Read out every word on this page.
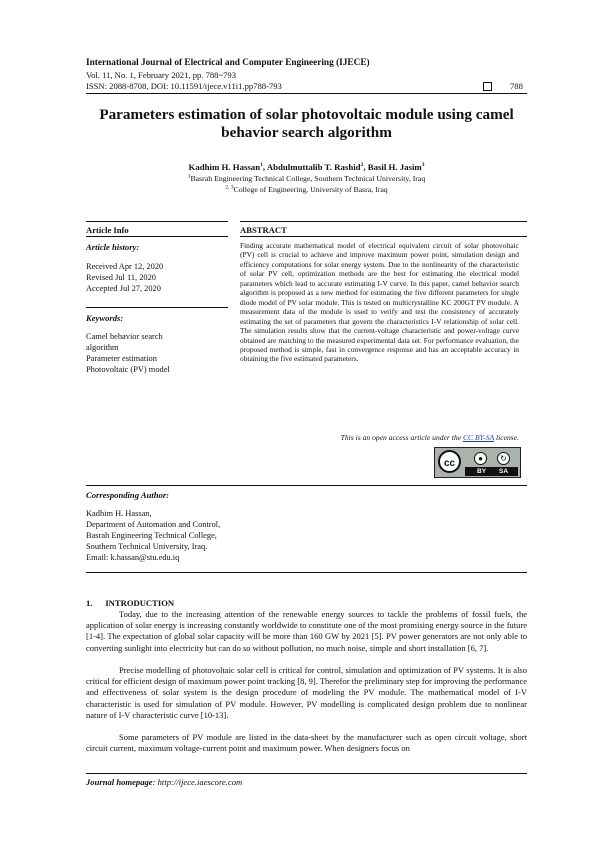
International Journal of Electrical and Computer Engineering (IJECE)
Vol. 11, No. 1, February 2021, pp. 788~793
ISSN: 2088-8708, DOI: 10.11591/ijece.v11i1.pp788-793	788
Parameters estimation of solar photovoltaic module using camel behavior search algorithm
Kadhim H. Hassan$^1$, Abdulmuttalib T. Rashid$^2$, Basil H. Jasim$^3$
$^1$Basrah Engineering Technical College, Southern Technical University, Iraq
$^{2, 3}$College of Engineering, University of Basra, Iraq
Article Info	ABSTRACT
Article history:
Received Apr 12, 2020
Revised Jul 11, 2020
Accepted Jul 27, 2020
Keywords:
Camel behavior search algorithm
Parameter estimation
Photovoltaic (PV) model
Finding accurate mathematical model of electrical equivalent circuit of solar photovoltaic (PV) cell is crucial to achieve and improve maximum power point, simulation design and efficiency computations for solar energy system. Due to the nonlinearity of the characteristic of solar PV cell, optimization methods are the best for estimating the electrical model parameters which lead to accurate estimating I-V curve. In this paper, camel behavior search algorithm is proposed as a new method for estimating the five different parameters for single diode model of PV solar module. This is tested on multicrystalline KC 200GT PV module. A measurement data of the module is used to verify and test the consistency of accurately estimating the set of parameters that govern the characteristics I-V relationship of solar cell. The simulation results show that the current-voltage characteristic and power-voltage curve obtained are matching to the measured experimental data set. For performance evaluation, the proposed method is simple, fast in convergence response and has an acceptable accuracy in obtaining the five estimated parameters.
This is an open access article under the CC BY-SA license.
cc	●	↻
BY SA
Corresponding Author:
Kadhim H. Hassan,
Department of Automation and Control,
Basrah Engineering Technical College,
Southern Technical University, Iraq.
Email: k.hassan@stu.edu.iq
1.      INTRODUCTION
Today, due to the increasing attention of the renewable energy sources to tackle the problems of fossil fuels, the application of solar energy is increasing constantly worldwide to constitute one of the most promising energy source in the future [1-4]. The expectation of global solar capacity will be more than 160 GW by 2021 [5]. PV power generators are not only able to converting sunlight into electricity but can do so without pollution, no much noise, simple and short installation [6, 7].
Precise modelling of photovoltaic solar cell is critical for control, simulation and optimization of PV systems. It is also critical for efficient design of maximum power point tracking [8, 9]. Therefor the preliminary step for improving the performance and effectiveness of solar system is the design procedure of modeling the PV module. The mathematical model of I-V characteristic is used for simulation of PV module. However, PV modelling is complicated design problem due to nonlinear nature of I-V characteristic curve [10-13].
Some parameters of PV module are listed in the data-sheet by the manufacturer such as open circuit voltage, short circuit current, maximum voltage-current point and maximum power. When designers focus on
Journal homepage: http://ijece.iaescore.com
